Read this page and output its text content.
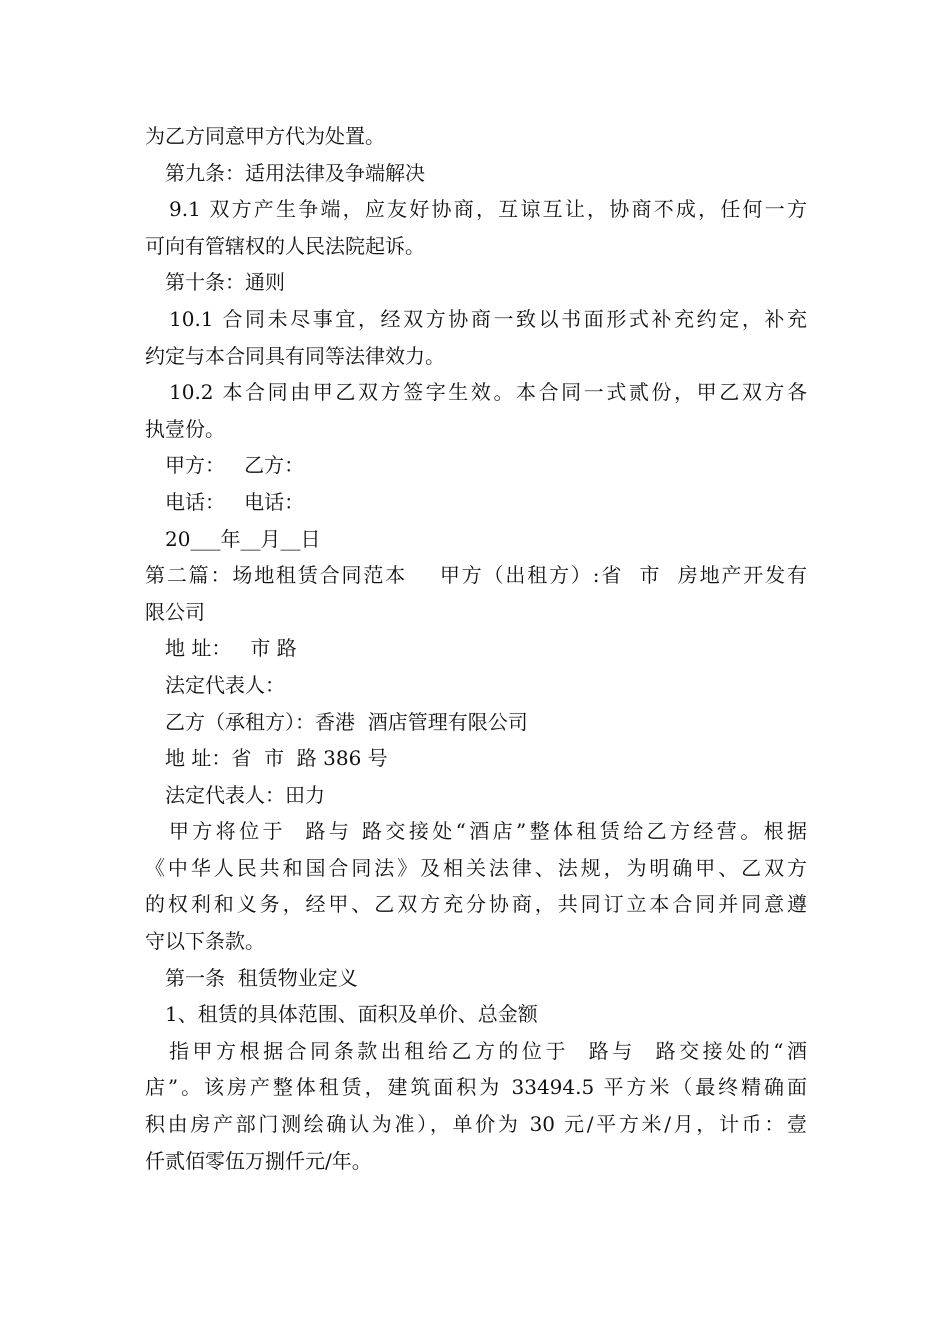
为乙方同意甲方代为处置。
第九条：适用法律及争端解决
9.1 双方产生争端，应友好协商，互谅互让，协商不成，任何一方
可向有管辖权的人民法院起诉。
第十条：通则
10.1 合同未尽事宜，经双方协商一致以书面形式补充约定，补充
约定与本合同具有同等法律效力。
10.2 本合同由甲乙双方签字生效。本合同一式贰份，甲乙双方各
执壹份。
甲方：   乙方：
电话：   电话：
20___年__月__日
第二篇：场地租赁合同范本    甲方（出租方）:省  市  房地产开发有
限公司
地 址：   市 路
法定代表人：
乙方（承租方）：香港  酒店管理有限公司
地 址：省  市  路 386 号
法定代表人：田力
甲方将位于  路与 路交接处“酒店”整体租赁给乙方经营。根据
《中华人民共和国合同法》及相关法律、法规，为明确甲、乙双方
的权利和义务，经甲、乙双方充分协商，共同订立本合同并同意遵
守以下条款。
第一条  租赁物业定义
1、租赁的具体范围、面积及单价、总金额
指甲方根据合同条款出租给乙方的位于  路与  路交接处的“酒
店”。该房产整体租赁，建筑面积为 33494.5 平方米（最终精确面
积由房产部门测绘确认为准），单价为 30 元/平方米/月，计币：壹
仟贰佰零伍万捌仟元/年。
